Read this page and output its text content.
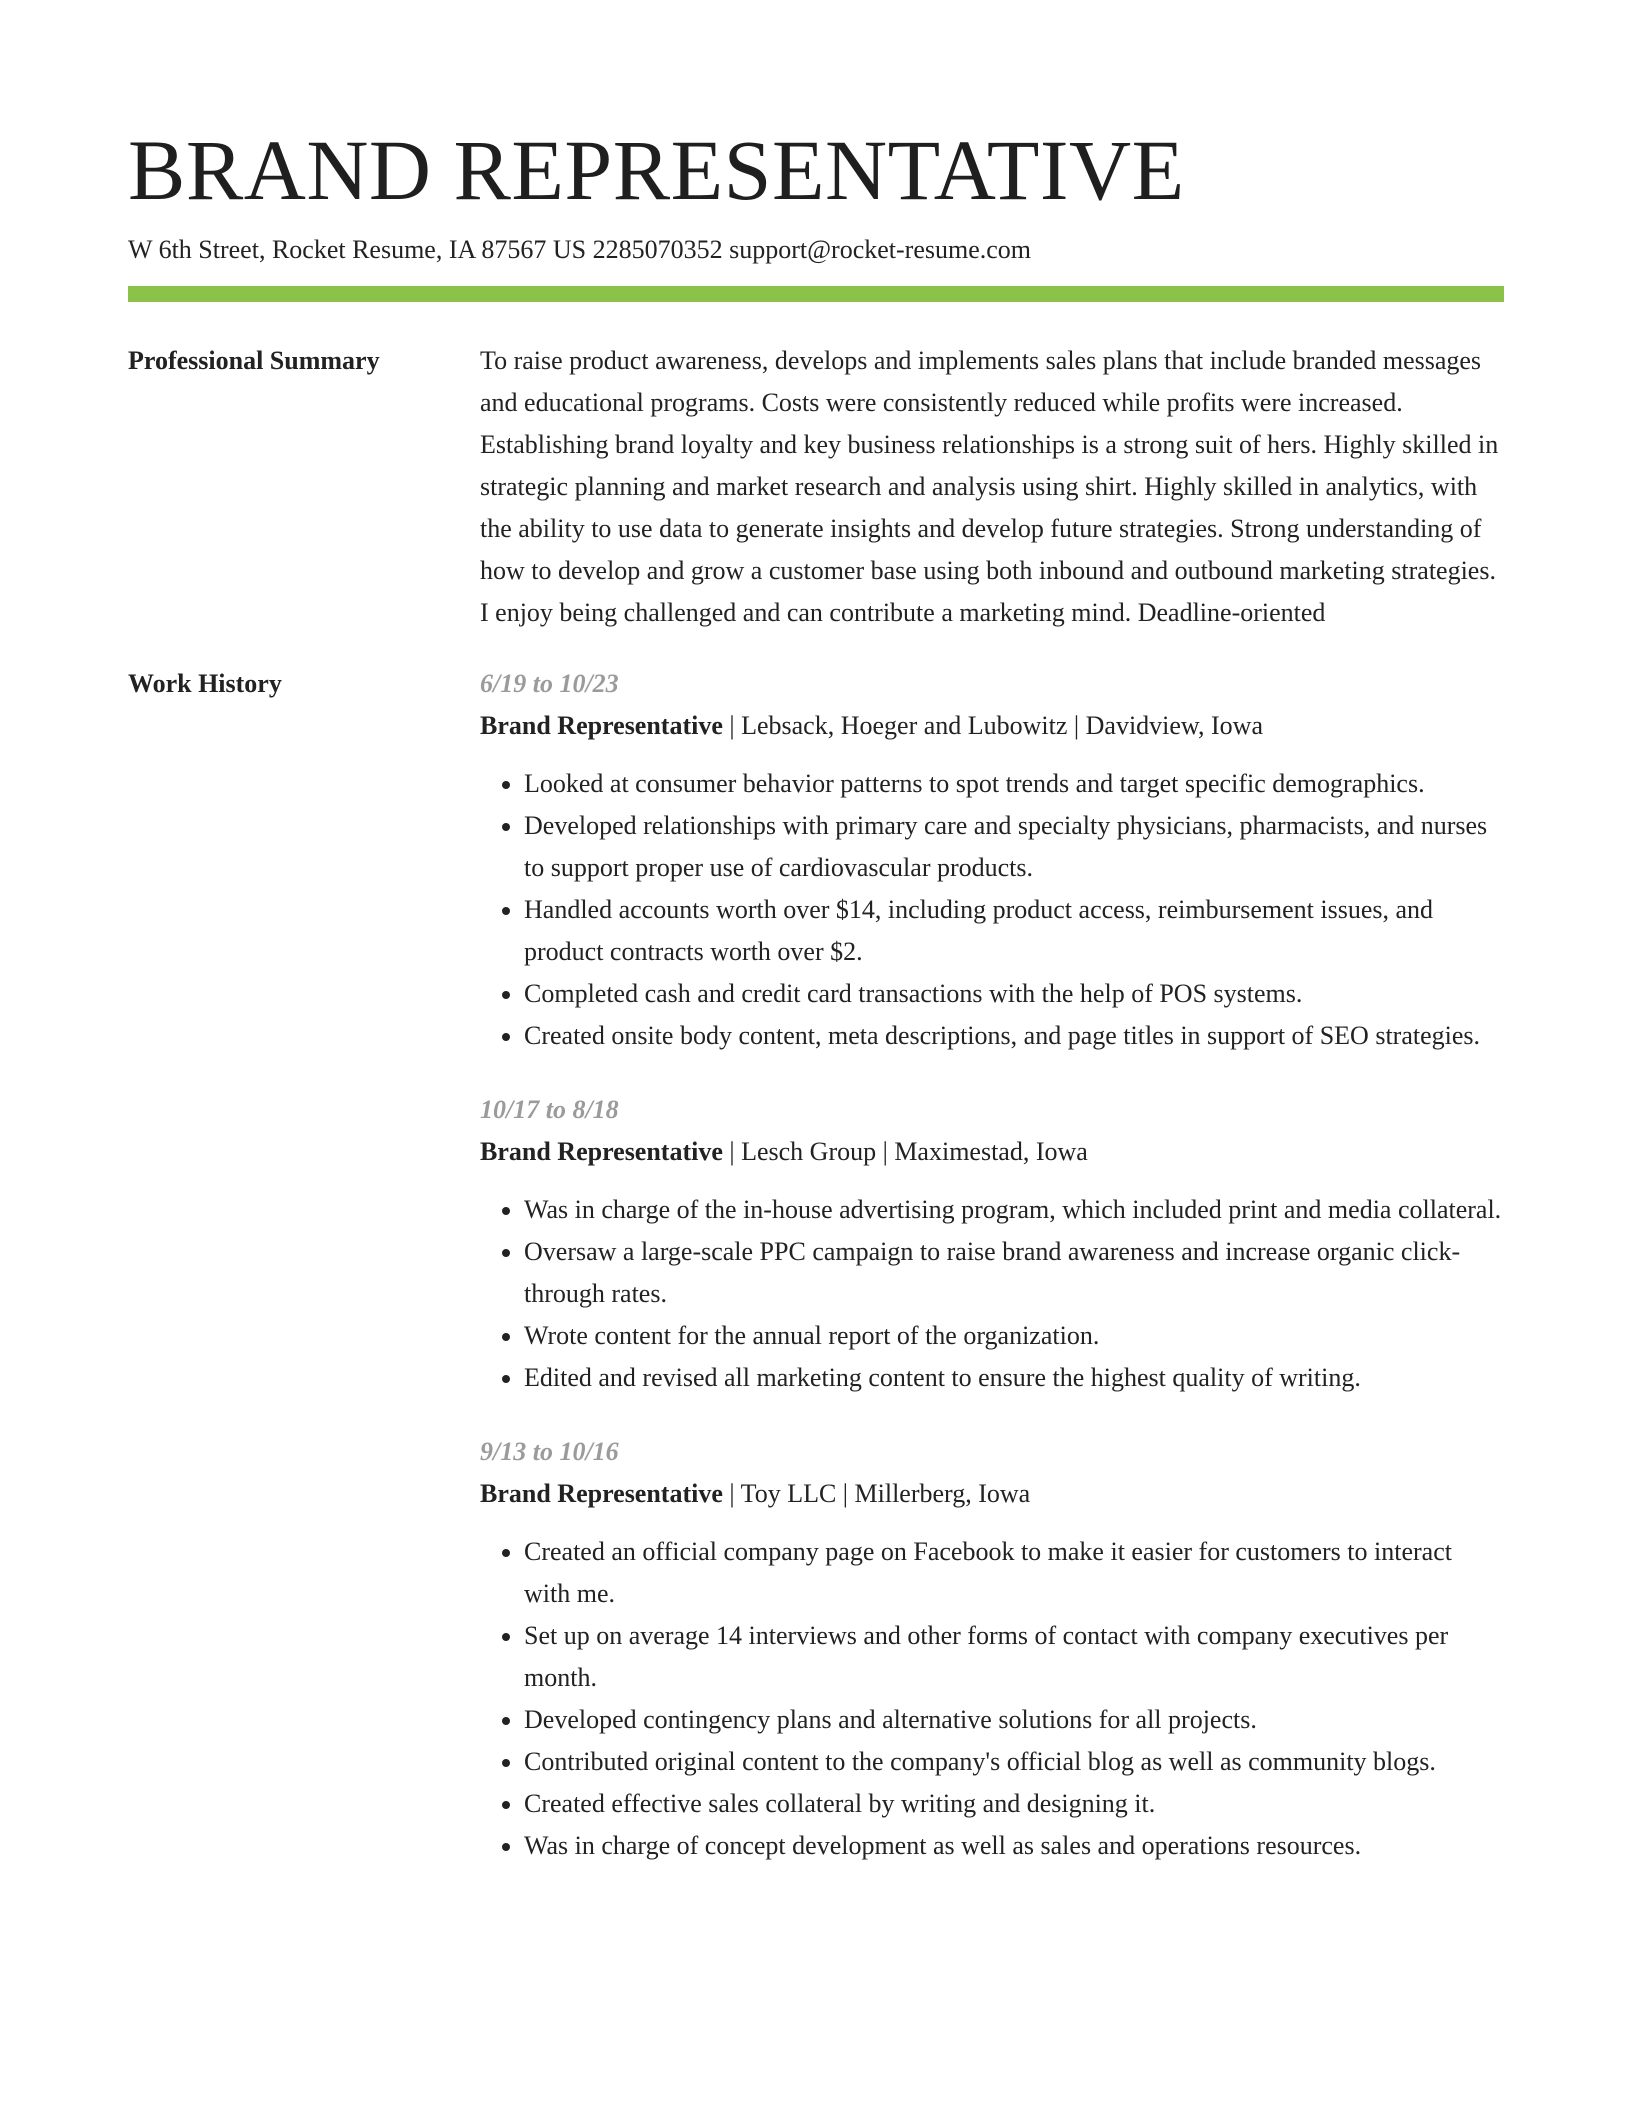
BRAND REPRESENTATIVE
W 6th Street, Rocket Resume, IA 87567 US 2285070352 support@rocket-resume.com
Professional Summary	To raise product awareness, develops and implements sales plans that include branded messages and educational programs. Costs were consistently reduced while profits were increased. Establishing brand loyalty and key business relationships is a strong suit of hers. Highly skilled in strategic planning and market research and analysis using shirt. Highly skilled in analytics, with the ability to use data to generate insights and develop future strategies. Strong understanding of how to develop and grow a customer base using both inbound and outbound marketing strategies. I enjoy being challenged and can contribute a marketing mind. Deadline-oriented

Work History	6/19 to 10/23
Brand Representative | Lebsack, Hoeger and Lubowitz | Davidview, Iowa
• Looked at consumer behavior patterns to spot trends and target specific demographics.
• Developed relationships with primary care and specialty physicians, pharmacists, and nurses to support proper use of cardiovascular products.
• Handled accounts worth over $14, including product access, reimbursement issues, and product contracts worth over $2.
• Completed cash and credit card transactions with the help of POS systems.
• Created onsite body content, meta descriptions, and page titles in support of SEO strategies.
10/17 to 8/18
Brand Representative | Lesch Group | Maximestad, Iowa
• Was in charge of the in-house advertising program, which included print and media collateral.
• Oversaw a large-scale PPC campaign to raise brand awareness and increase organic click-through rates.
• Wrote content for the annual report of the organization.
• Edited and revised all marketing content to ensure the highest quality of writing.
9/13 to 10/16
Brand Representative | Toy LLC | Millerberg, Iowa
• Created an official company page on Facebook to make it easier for customers to interact with me.
• Set up on average 14 interviews and other forms of contact with company executives per month.
• Developed contingency plans and alternative solutions for all projects.
• Contributed original content to the company's official blog as well as community blogs.
• Created effective sales collateral by writing and designing it.
• Was in charge of concept development as well as sales and operations resources.
